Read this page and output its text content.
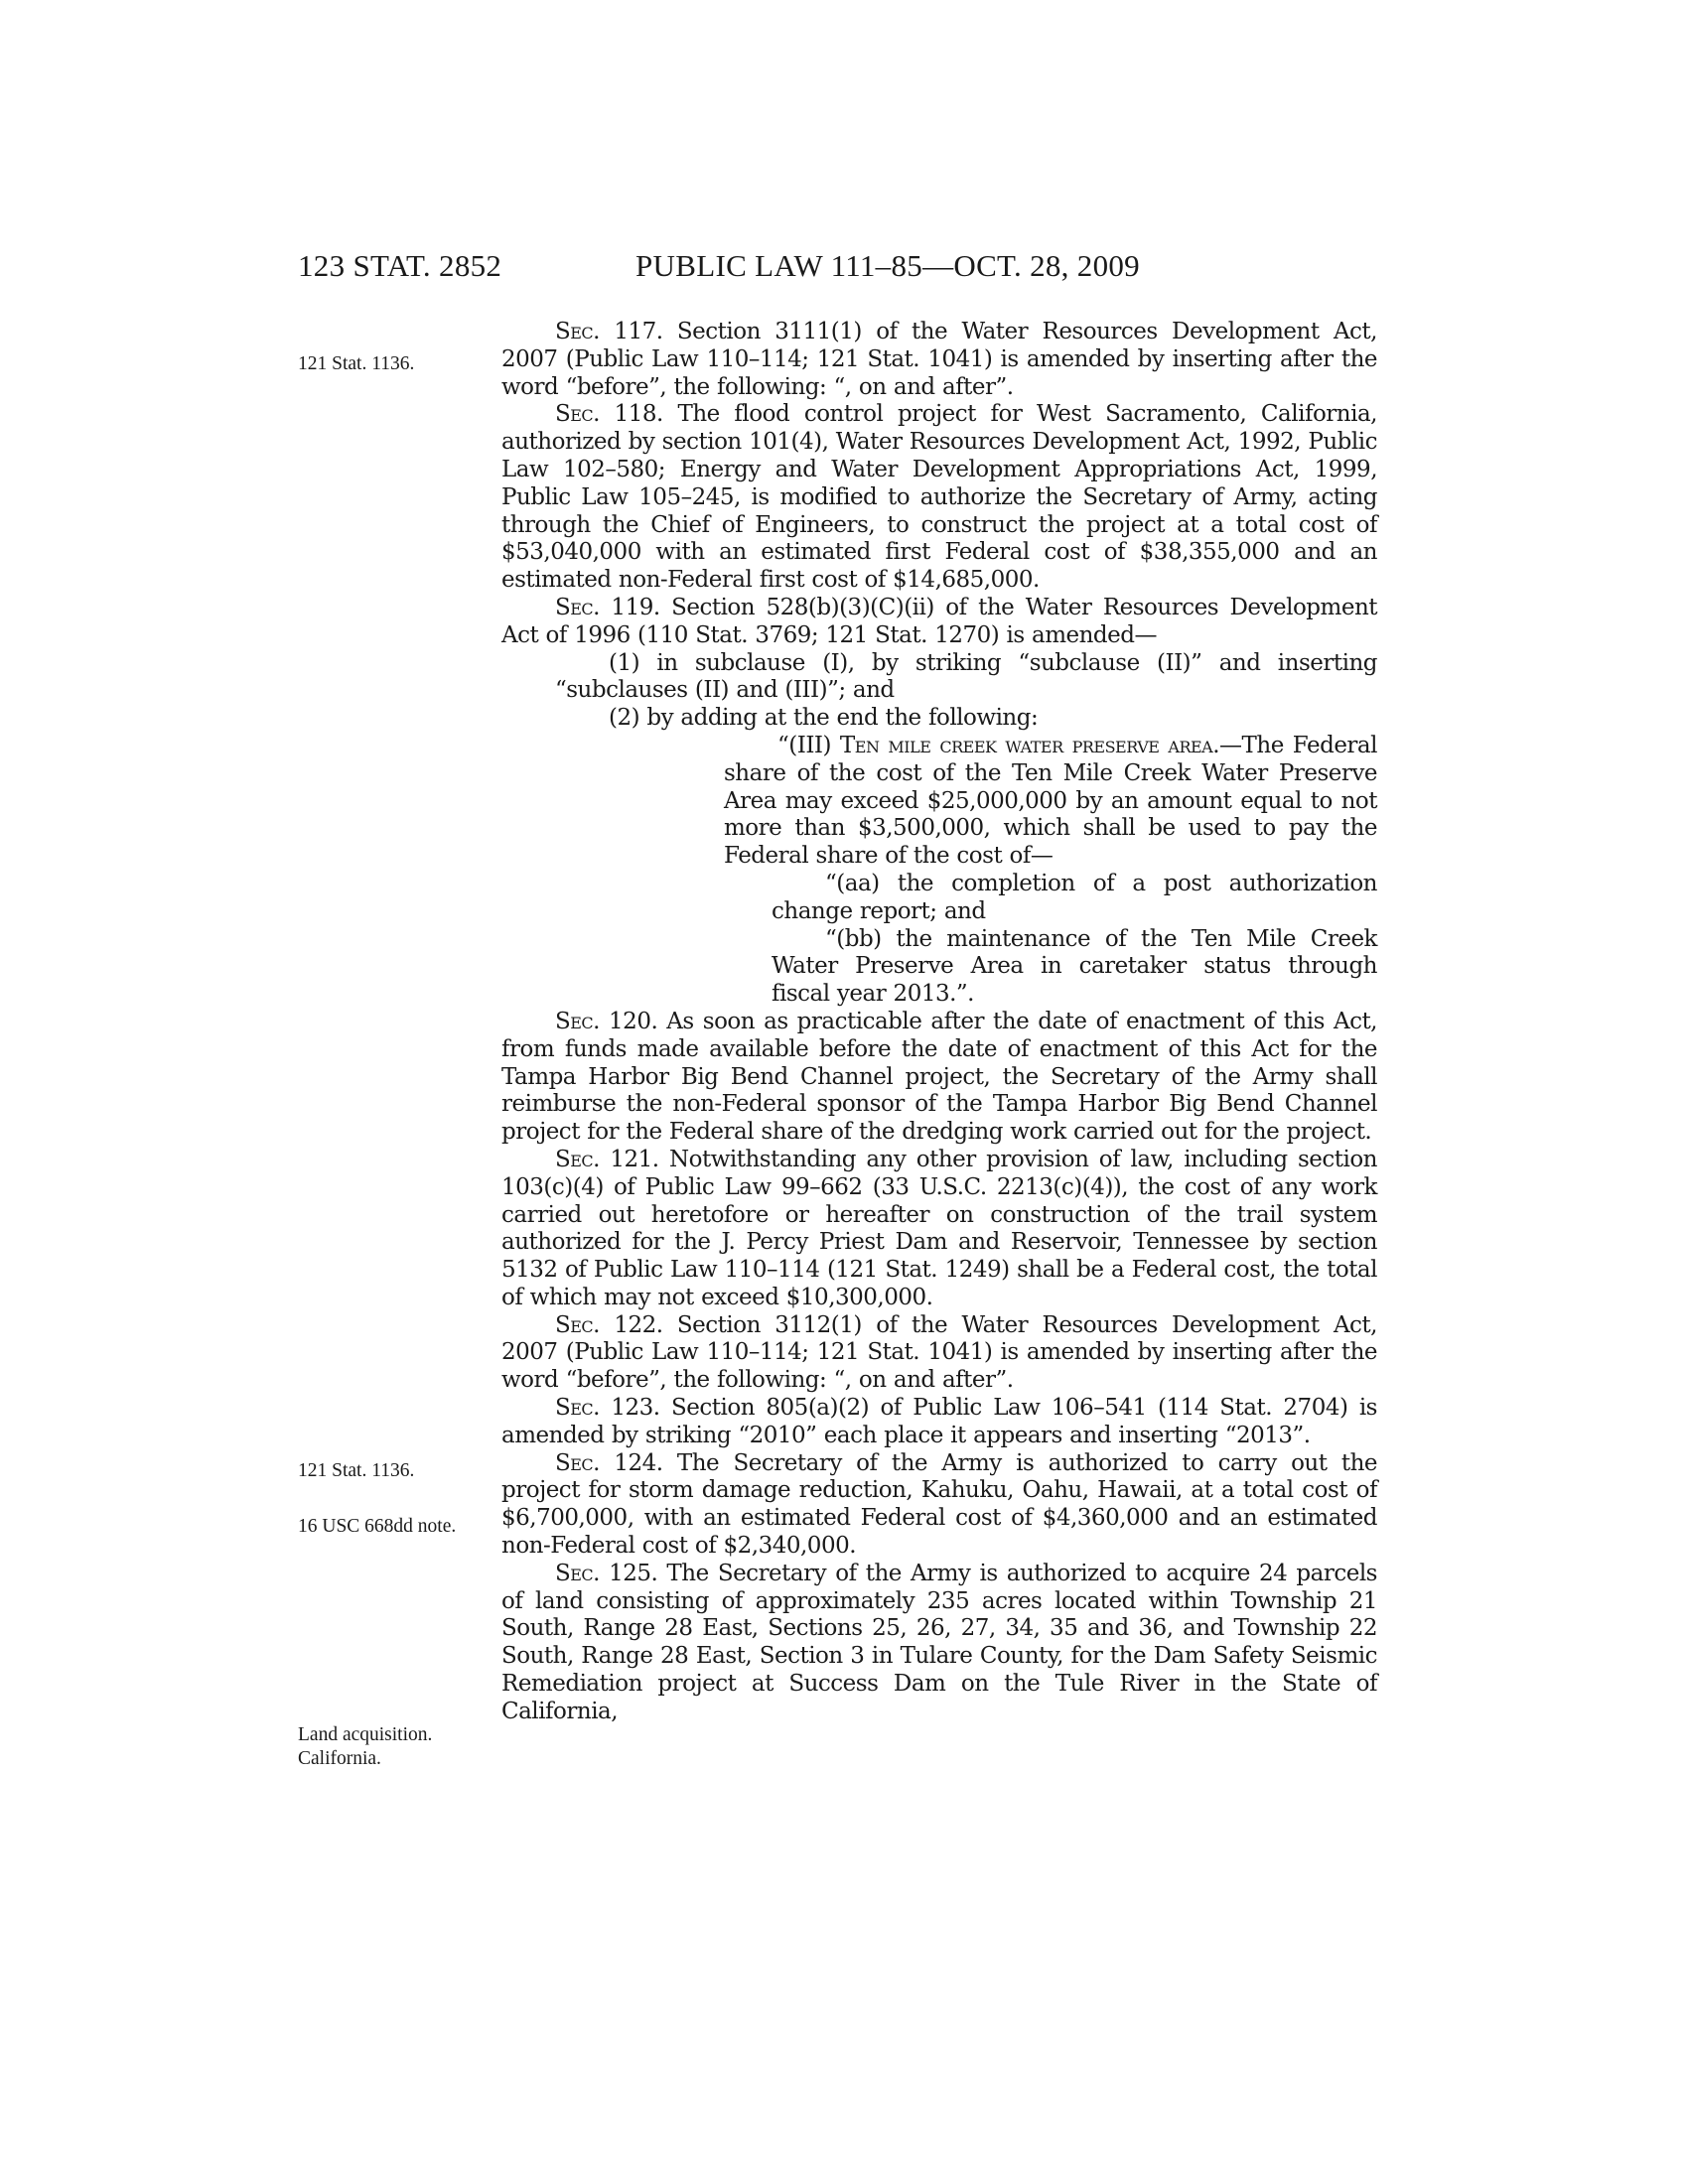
123 STAT. 2852	PUBLIC LAW 111–85—OCT. 28, 2009
121 Stat. 1136.
121 Stat. 1136.
16 USC 668dd note.
Land acquisition. California.

Sec. 117. Section 3111(1) of the Water Resources Development Act, 2007 (Public Law 110–114; 121 Stat. 1041) is amended by inserting after the word “before”, the following: “, on and after”.

Sec. 118. The flood control project for West Sacramento, California, authorized by section 101(4), Water Resources Development Act, 1992, Public Law 102–580; Energy and Water Development Appropriations Act, 1999, Public Law 105–245, is modified to authorize the Secretary of Army, acting through the Chief of Engineers, to construct the project at a total cost of $53,040,000 with an estimated first Federal cost of $38,355,000 and an estimated non-Federal first cost of $14,685,000.

Sec. 119. Section 528(b)(3)(C)(ii) of the Water Resources Development Act of 1996 (110 Stat. 3769; 121 Stat. 1270) is amended—

(1) in subclause (I), by striking “subclause (II)” and inserting “subclauses (II) and (III)”; and

(2) by adding at the end the following:

“(III) Ten mile creek water preserve area.—The Federal share of the cost of the Ten Mile Creek Water Preserve Area may exceed $25,000,000 by an amount equal to not more than $3,500,000, which shall be used to pay the Federal share of the cost of—

“(aa) the completion of a post authorization change report; and

“(bb) the maintenance of the Ten Mile Creek Water Preserve Area in caretaker status through fiscal year 2013.”.

Sec. 120. As soon as practicable after the date of enactment of this Act, from funds made available before the date of enactment of this Act for the Tampa Harbor Big Bend Channel project, the Secretary of the Army shall reimburse the non-Federal sponsor of the Tampa Harbor Big Bend Channel project for the Federal share of the dredging work carried out for the project.

Sec. 121. Notwithstanding any other provision of law, including section 103(c)(4) of Public Law 99–662 (33 U.S.C. 2213(c)(4)), the cost of any work carried out heretofore or hereafter on construction of the trail system authorized for the J. Percy Priest Dam and Reservoir, Tennessee by section 5132 of Public Law 110–114 (121 Stat. 1249) shall be a Federal cost, the total of which may not exceed $10,300,000.

Sec. 122. Section 3112(1) of the Water Resources Development Act, 2007 (Public Law 110–114; 121 Stat. 1041) is amended by inserting after the word “before”, the following: “, on and after”.

Sec. 123. Section 805(a)(2) of Public Law 106–541 (114 Stat. 2704) is amended by striking “2010” each place it appears and inserting “2013”.

Sec. 124. The Secretary of the Army is authorized to carry out the project for storm damage reduction, Kahuku, Oahu, Hawaii, at a total cost of $6,700,000, with an estimated Federal cost of $4,360,000 and an estimated non-Federal cost of $2,340,000.

Sec. 125. The Secretary of the Army is authorized to acquire 24 parcels of land consisting of approximately 235 acres located within Township 21 South, Range 28 East, Sections 25, 26, 27, 34, 35 and 36, and Township 22 South, Range 28 East, Section 3 in Tulare County, for the Dam Safety Seismic Remediation project at Success Dam on the Tule River in the State of California,
